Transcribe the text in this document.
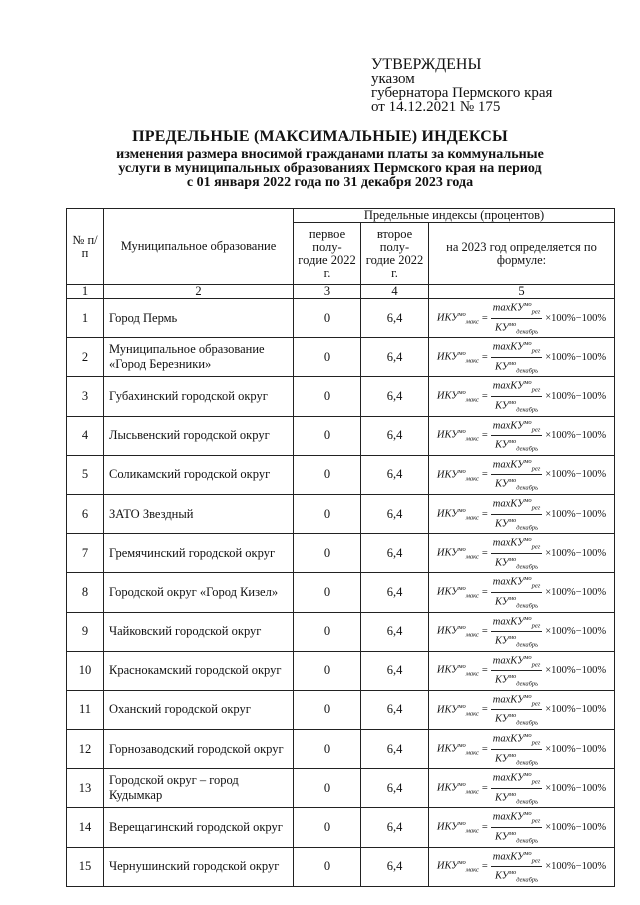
УТВЕРЖДЕНЫ
указом
губернатора Пермского края
от 14.12.2021 № 175
ПРЕДЕЛЬНЫЕ (МАКСИМАЛЬНЫЕ) ИНДЕКСЫ
изменения размера вносимой гражданами платы за коммунальные
услуги в муниципальных образованиях Пермского края на период
с 01 января 2022 года по 31 декабря 2023 года
№ п/п	Муниципальное образование	Предельные индексы (процентов)		
		первое полу- годие 2022 г.	второе полу- годие 2022 г.	на 2023 год определяется по формуле:
1	2	3	4	5
1	Город Пермь	0	6,4	$ИКУ^{мо}_{макс} = \frac{\max КУ^{мо}_{рег}}{КУ^{мо}_{декабрь}} \times 100\%-100\%$

2	Муниципальное образование «Город Березники»	0	6,4	$ИКУ^{мо}_{макс} = \frac{\max КУ^{мо}_{рег}}{КУ^{мо}_{декабрь}} \times 100\%-100\%$

3	Губахинский городской округ	0	6,4	$ИКУ^{мо}_{макс} = \frac{\max КУ^{мо}_{рег}}{КУ^{мо}_{декабрь}} \times 100\%-100\%$

4	Лысьвенский городской округ	0	6,4	$ИКУ^{мо}_{макс} = \frac{\max КУ^{мо}_{рег}}{КУ^{мо}_{декабрь}} \times 100\%-100\%$

5	Соликамский городской округ	0	6,4	$ИКУ^{мо}_{макс} = \frac{\max КУ^{мо}_{рег}}{КУ^{мо}_{декабрь}} \times 100\%-100\%$

6	ЗАТО Звездный	0	6,4	$ИКУ^{мо}_{макс} = \frac{\max КУ^{мо}_{рег}}{КУ^{мо}_{декабрь}} \times 100\%-100\%$

7	Гремячинский городской округ	0	6,4	$ИКУ^{мо}_{макс} = \frac{\max КУ^{мо}_{рег}}{КУ^{мо}_{декабрь}} \times 100\%-100\%$

8	Городской округ «Город Кизел»	0	6,4	$ИКУ^{мо}_{макс} = \frac{\max КУ^{мо}_{рег}}{КУ^{мо}_{декабрь}} \times 100\%-100\%$

9	Чайковский городской округ	0	6,4	$ИКУ^{мо}_{макс} = \frac{\max КУ^{мо}_{рег}}{КУ^{мо}_{декабрь}} \times 100\%-100\%$

10	Краснокамский городской округ	0	6,4	$ИКУ^{мо}_{макс} = \frac{\max КУ^{мо}_{рег}}{КУ^{мо}_{декабрь}} \times 100\%-100\%$

11	Оханский городской округ	0	6,4	$ИКУ^{мо}_{макс} = \frac{\max КУ^{мо}_{рег}}{КУ^{мо}_{декабрь}} \times 100\%-100\%$

12	Горнозаводский городской округ	0	6,4	$ИКУ^{мо}_{макс} = \frac{\max КУ^{мо}_{рег}}{КУ^{мо}_{декабрь}} \times 100\%-100\%$

13	Городской округ – город Кудымкар	0	6,4	$ИКУ^{мо}_{макс} = \frac{\max КУ^{мо}_{рег}}{КУ^{мо}_{декабрь}} \times 100\%-100\%$

14	Верещагинский городской округ	0	6,4	$ИКУ^{мо}_{макс} = \frac{\max КУ^{мо}_{рег}}{КУ^{мо}_{декабрь}} \times 100\%-100\%$

15	Чернушинский городской округ	0	6,4	$ИКУ^{мо}_{макс} = \frac{\max КУ^{мо}_{рег}}{КУ^{мо}_{декабрь}} \times 100\%-100\%$
